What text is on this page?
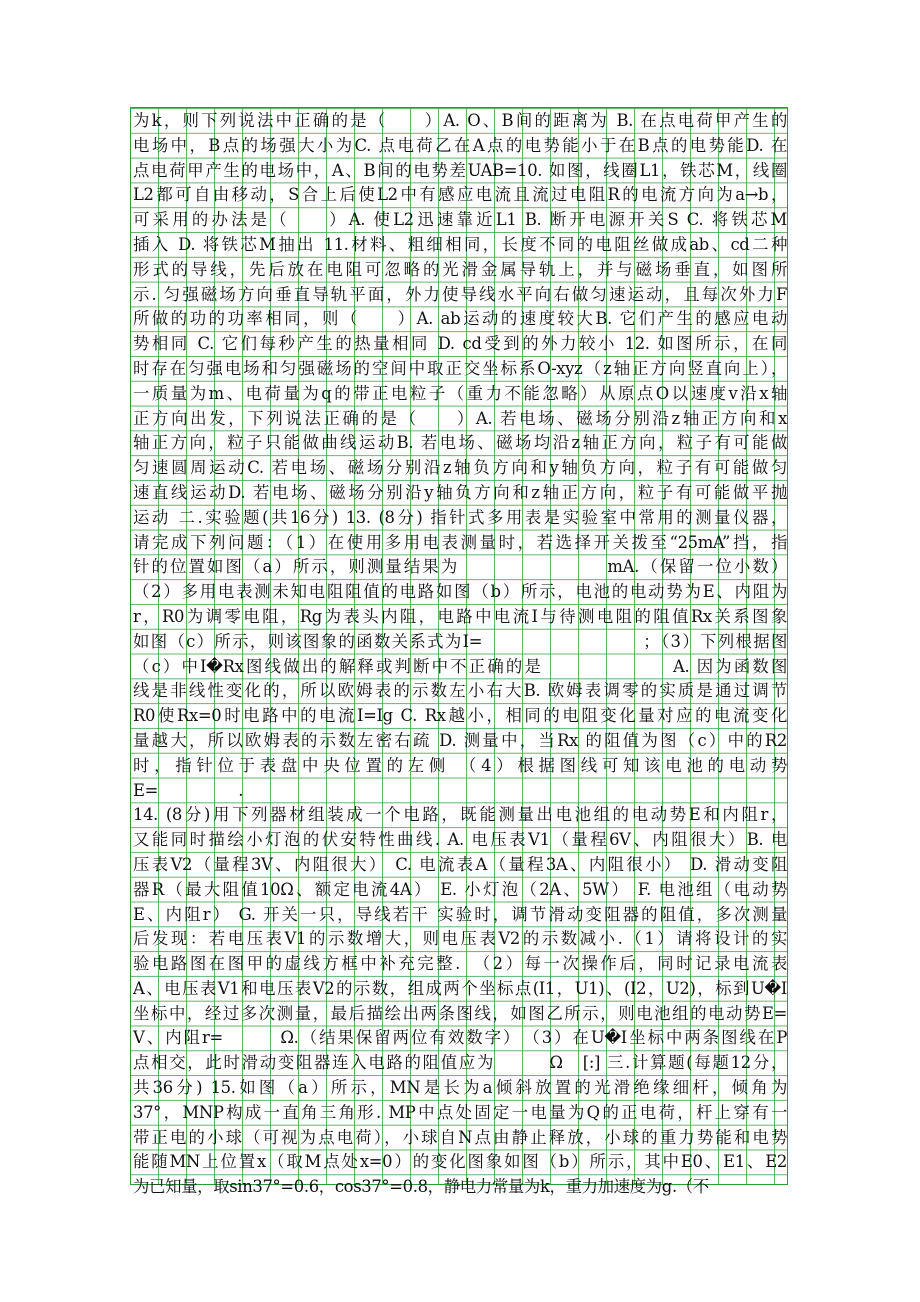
为k，则下列说法中正确的是（　　）A. O、B间的距离为 B. 在点电荷甲产生的
电场中，B点的场强大小为C. 点电荷乙在A点的电势能小于在B点的电势能D. 在
点电荷甲产生的电场中，A、B间的电势差UAB=10. 如图，线圈L1，铁芯M，线圈
L2都可自由移动，S合上后使L2中有感应电流且流过电阻R的电流方向为a→b，
可采用的办法是（　　）A. 使L2迅速靠近L1 B. 断开电源开关S C. 将铁芯M
插入 D. 将铁芯M抽出 11.材料、粗细相同，长度不同的电阻丝做成ab、cd二种
形式的导线，先后放在电阻可忽略的光滑金属导轨上，并与磁场垂直，如图所
示. 匀强磁场方向垂直导轨平面，外力使导线水平向右做匀速运动，且每次外力F
所做的功的功率相同，则（　　）A. ab运动的速度较大B. 它们产生的感应电动
势相同 C. 它们每秒产生的热量相同 D. cd受到的外力较小 12. 如图所示，在同
时存在匀强电场和匀强磁场的空间中取正交坐标系O-xyz（z轴正方向竖直向上），
一质量为m、电荷量为q的带正电粒子（重力不能忽略）从原点O以速度v沿x轴
正方向出发，下列说法正确的是（　　）A. 若电场、磁场分别沿z轴正方向和x
轴正方向，粒子只能做曲线运动B. 若电场、磁场均沿z轴正方向，粒子有可能做
匀速圆周运动C. 若电场、磁场分别沿z轴负方向和y轴负方向，粒子有可能做匀
速直线运动D. 若电场、磁场分别沿y轴负方向和z轴正方向，粒子有可能做平抛
运动 二.实验题(共16分) 13. (8分) 指针式多用表是实验室中常用的测量仪器，
请完成下列问题：（1）在使用多用电表测量时，若选择开关拨至“25mA”挡，指
针的位置如图（a）所示，则测量结果为　　　　　　　　mA.（保留一位小数）
（2）多用电表测未知电阻阻值的电路如图（b）所示，电池的电动势为E、内阻为
r，R0为调零电阻，Rg为表头内阻，电路中电流I与待测电阻的阻值Rx关系图象
如图（c）所示，则该图象的函数关系式为I=　　　　　　　　　；（3）下列根据图
（c）中I�Rx图线做出的解释或判断中不正确的是　　　　　　　A. 因为函数图
线是非线性变化的，所以欧姆表的示数左小右大B. 欧姆表调零的实质是通过调节
R0使Rx=0时电路中的电流I=Ig C. Rx越小，相同的电阻变化量对应的电流变化
量越大，所以欧姆表的示数左密右疏 D. 测量中，当Rx 的阻值为图（c）中的R2
时，指针位于表盘中央位置的左侧 （4）根据图线可知该电池的电动势
E=　　　　　.
14. (8分)用下列器材组装成一个电路，既能测量出电池组的电动势E和内阻r，
又能同时描绘小灯泡的伏安特性曲线. A. 电压表V1（量程6V、内阻很大）B. 电
压表V2（量程3V、内阻很大） C. 电流表A（量程3A、内阻很小） D. 滑动变阻
器R（最大阻值10Ω、额定电流4A） E. 小灯泡（2A、5W） F. 电池组（电动势
E、内阻r） G. 开关一只，导线若干 实验时，调节滑动变阻器的阻值，多次测量
后发现：若电压表V1的示数增大，则电压表V2的示数减小.（1）请将设计的实
验电路图在图甲的虚线方框中补充完整.　（2）每一次操作后，同时记录电流表
A、电压表V1和电压表V2的示数，组成两个坐标点(I1，U1)、(I2，U2)，标到U�I
坐标中，经过多次测量，最后描绘出两条图线，如图乙所示，则电池组的电动势E=
V、内阻r=　　　Ω.（结果保留两位有效数字）　（3）在U�I坐标中两条图线在P
点相交，此时滑动变阻器连入电路的阻值应为　　　Ω　[:] 三.计算题(每题12分，
共36分) 15.如图（a）所示，MN是长为a倾斜放置的光滑绝缘细杆，倾角为
37°，MNP构成一直角三角形. MP中点处固定一电量为Q的正电荷，杆上穿有一
带正电的小球（可视为点电荷），小球自N点由静止释放，小球的重力势能和电势
能随MN上位置x（取M点处x=0）的变化图象如图（b）所示，其中E0、E1、E2
为已知量，取sin37°=0.6，cos37°=0.8，静电力常量为k，重力加速度为g.（不
